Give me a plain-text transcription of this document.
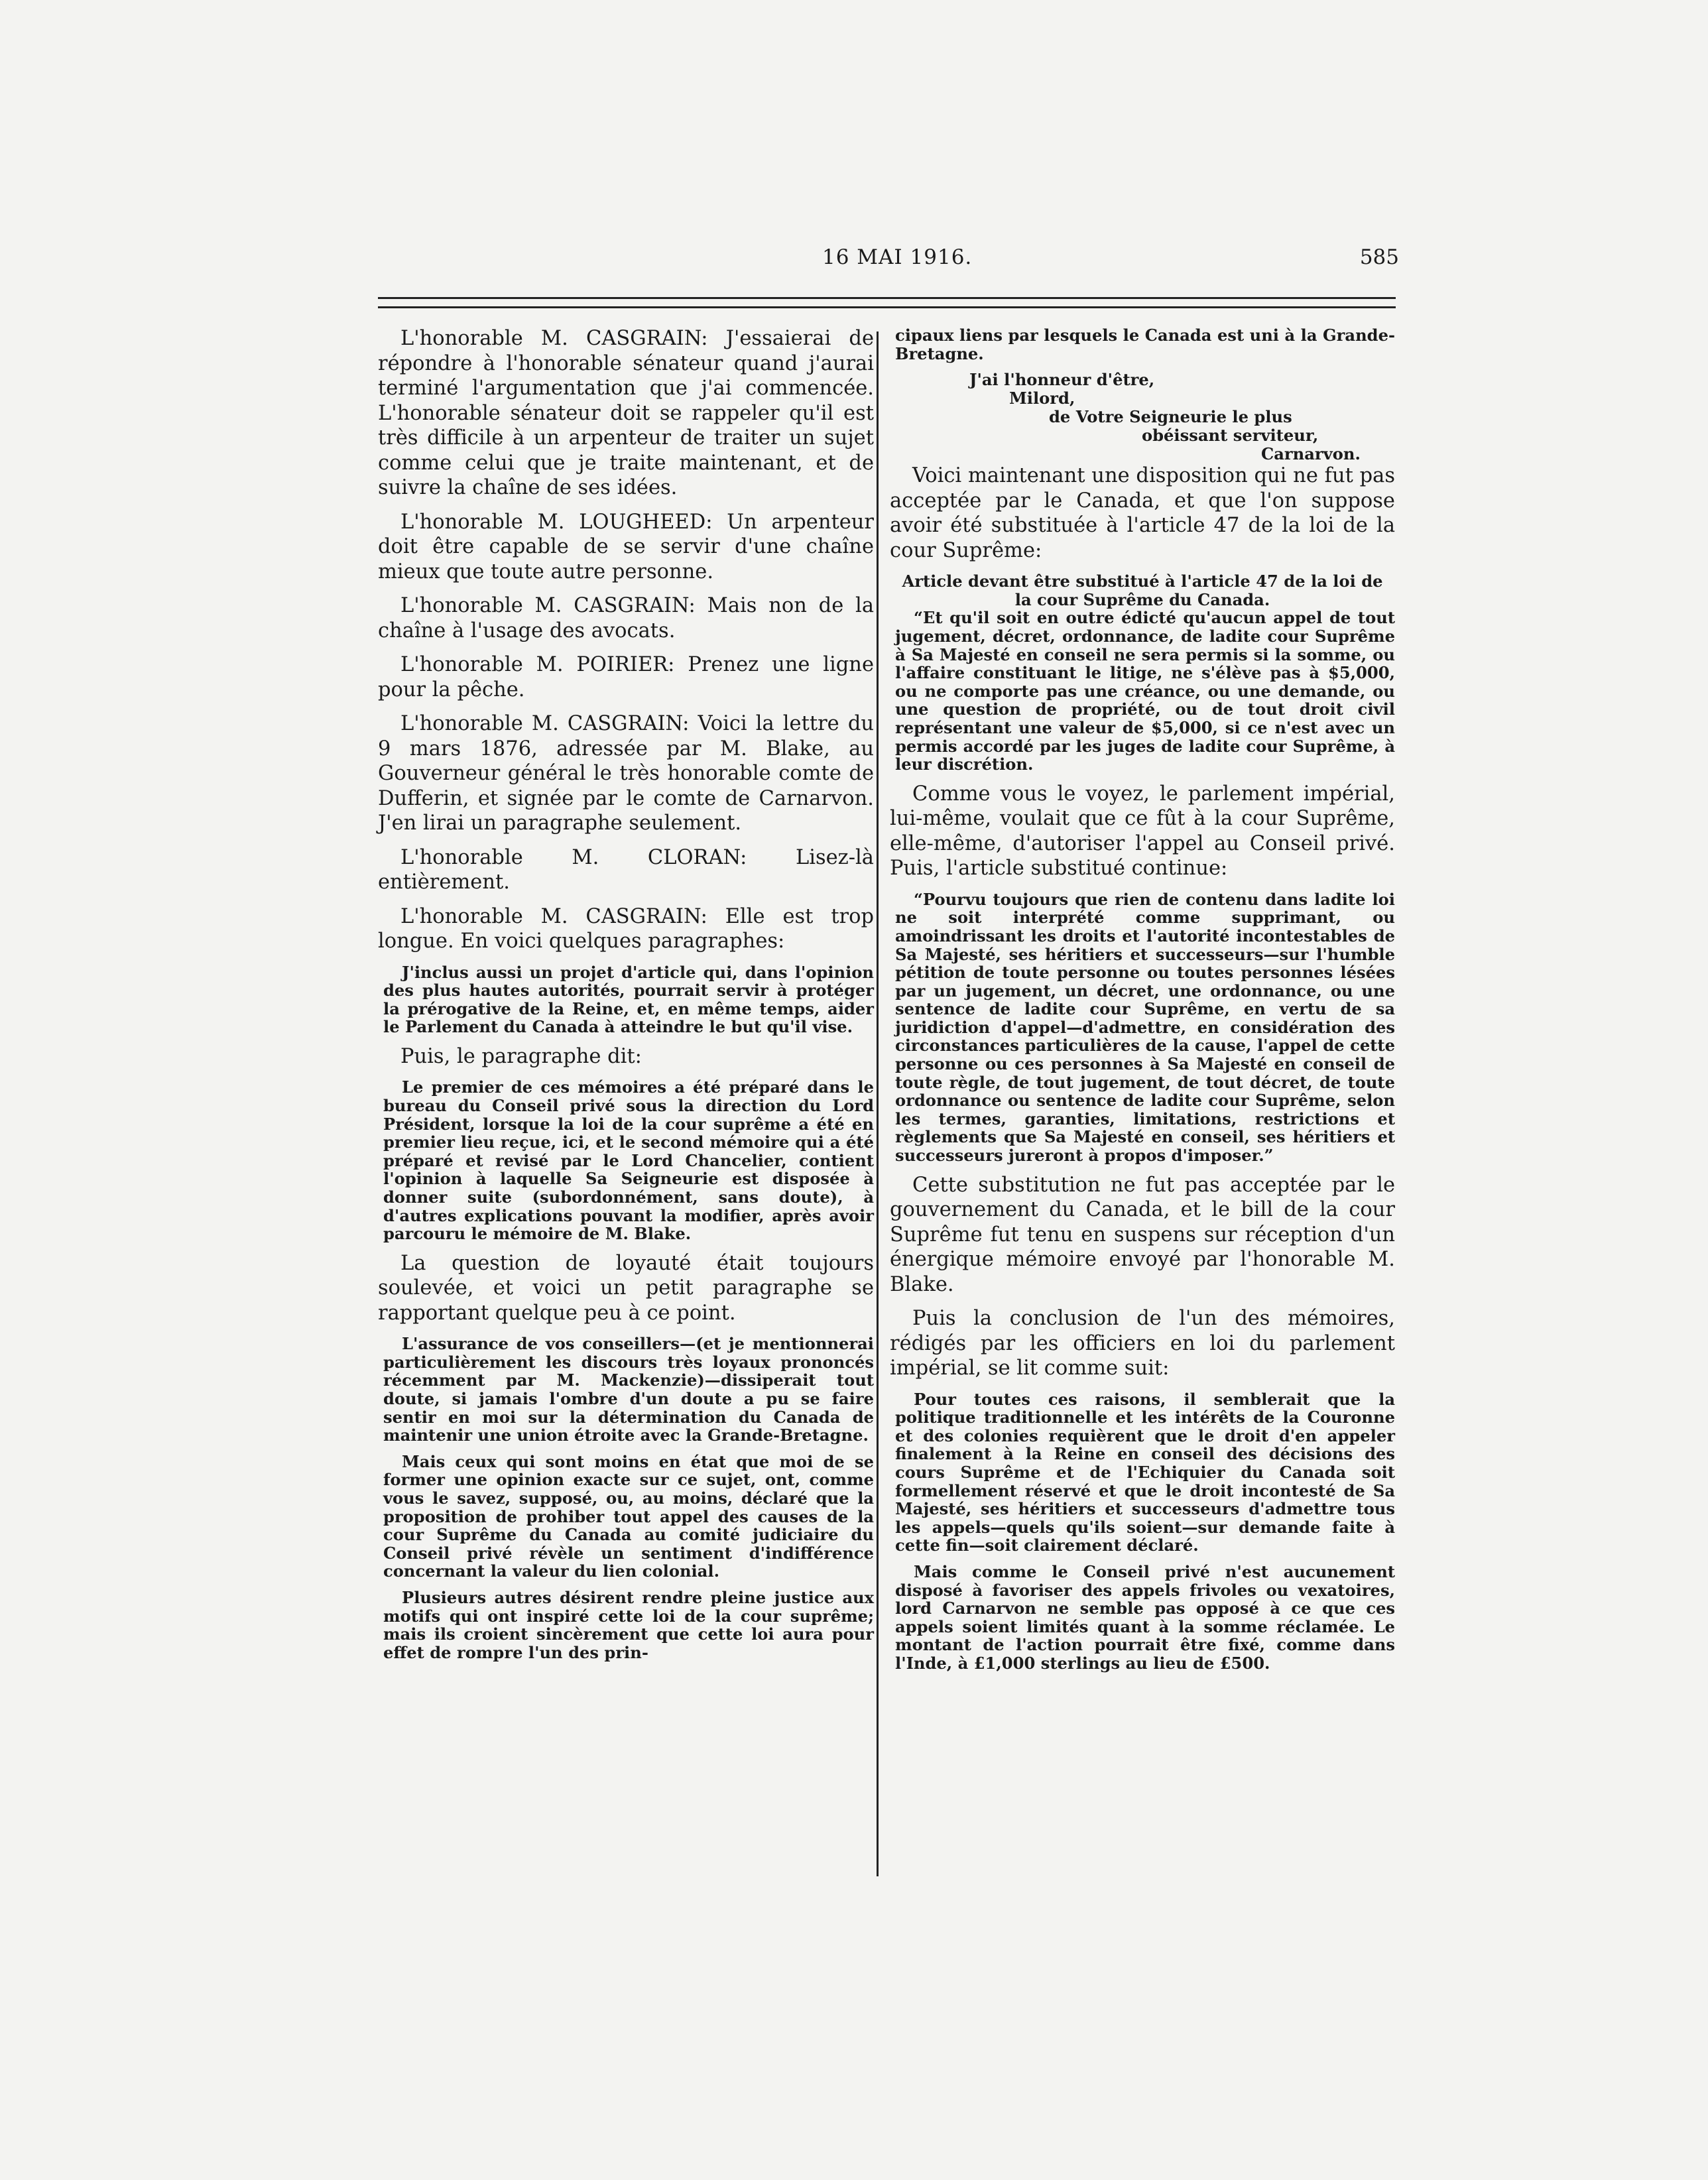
16 MAI 1916.	585

L'honorable M. CASGRAIN: J'essaierai de répondre à l'honorable sénateur quand j'aurai terminé l'argumentation que j'ai commencée. L'honorable sénateur doit se rappeler qu'il est très difficile à un arpenteur de traiter un sujet comme celui que je traite maintenant, et de suivre la chaîne de ses idées.

L'honorable M. LOUGHEED: Un arpenteur doit être capable de se servir d'une chaîne mieux que toute autre personne.

L'honorable M. CASGRAIN: Mais non de la chaîne à l'usage des avocats.

L'honorable M. POIRIER: Prenez une ligne pour la pêche.

L'honorable M. CASGRAIN: Voici la lettre du 9 mars 1876, adressée par M. Blake, au Gouverneur général le très honorable comte de Dufferin, et signée par le comte de Carnarvon. J'en lirai un paragraphe seulement.

L'honorable M. CLORAN: Lisez-là entièrement.

L'honorable M. CASGRAIN: Elle est trop longue. En voici quelques paragraphes:

J'inclus aussi un projet d'article qui, dans l'opinion des plus hautes autorités, pourrait servir à protéger la prérogative de la Reine, et, en même temps, aider le Parlement du Canada à atteindre le but qu'il vise.

Puis, le paragraphe dit:

Le premier de ces mémoires a été préparé dans le bureau du Conseil privé sous la direction du Lord Président, lorsque la loi de la cour suprême a été en premier lieu reçue, ici, et le second mémoire qui a été préparé et revisé par le Lord Chancelier, contient l'opinion à laquelle Sa Seigneurie est disposée à donner suite (subordonnément, sans doute), à d'autres explications pouvant la modifier, après avoir parcouru le mémoire de M. Blake.

La question de loyauté était toujours soulevée, et voici un petit paragraphe se rapportant quelque peu à ce point.

L'assurance de vos conseillers—(et je mentionnerai particulièrement les discours très loyaux prononcés récemment par M. Mackenzie)—dissiperait tout doute, si jamais l'ombre d'un doute a pu se faire sentir en moi sur la détermination du Canada de maintenir une union étroite avec la Grande-Bretagne.

Mais ceux qui sont moins en état que moi de se former une opinion exacte sur ce sujet, ont, comme vous le savez, supposé, ou, au moins, déclaré que la proposition de prohiber tout appel des causes de la cour Suprême du Canada au comité judiciaire du Conseil privé révèle un sentiment d'indifférence concernant la valeur du lien colonial.

Plusieurs autres désirent rendre pleine justice aux motifs qui ont inspiré cette loi de la cour suprême; mais ils croient sincèrement que cette loi aura pour effet de rompre l'un des prin-

cipaux liens par lesquels le Canada est uni à la Grande-Bretagne.

J'ai l'honneur d'être,

Milord,

de Votre Seigneurie le plus

obéissant serviteur,

Carnarvon.

Voici maintenant une disposition qui ne fut pas acceptée par le Canada, et que l'on suppose avoir été substituée à l'article 47 de la loi de la cour Suprême:

Article devant être substitué à l'article 47 de la loi de la cour Suprême du Canada.

“Et qu'il soit en outre édicté qu'aucun appel de tout jugement, décret, ordonnance, de ladite cour Suprême à Sa Majesté en conseil ne sera permis si la somme, ou l'affaire constituant le litige, ne s'élève pas à $5,000, ou ne comporte pas une créance, ou une demande, ou une question de propriété, ou de tout droit civil représentant une valeur de $5,000, si ce n'est avec un permis accordé par les juges de ladite cour Suprême, à leur discrétion.

Comme vous le voyez, le parlement impérial, lui-même, voulait que ce fût à la cour Suprême, elle-même, d'autoriser l'appel au Conseil privé. Puis, l'article substitué continue:

“Pourvu toujours que rien de contenu dans ladite loi ne soit interprété comme supprimant, ou amoindrissant les droits et l'autorité incontestables de Sa Majesté, ses héritiers et successeurs—sur l'humble pétition de toute personne ou toutes personnes lésées par un jugement, un décret, une ordonnance, ou une sentence de ladite cour Suprême, en vertu de sa juridiction d'appel—d'admettre, en considération des circonstances particulières de la cause, l'appel de cette personne ou ces personnes à Sa Majesté en conseil de toute règle, de tout jugement, de tout décret, de toute ordonnance ou sentence de ladite cour Suprême, selon les termes, garanties, limitations, restrictions et règlements que Sa Majesté en conseil, ses héritiers et successeurs jureront à propos d'imposer.”

Cette substitution ne fut pas acceptée par le gouvernement du Canada, et le bill de la cour Suprême fut tenu en suspens sur réception d'un énergique mémoire envoyé par l'honorable M. Blake.

Puis la conclusion de l'un des mémoires, rédigés par les officiers en loi du parlement impérial, se lit comme suit:

Pour toutes ces raisons, il semblerait que la politique traditionnelle et les intérêts de la Couronne et des colonies requièrent que le droit d'en appeler finalement à la Reine en conseil des décisions des cours Suprême et de l'Echiquier du Canada soit formellement réservé et que le droit incontesté de Sa Majesté, ses héritiers et successeurs d'admettre tous les appels—quels qu'ils soient—sur demande faite à cette fin—soit clairement déclaré.

Mais comme le Conseil privé n'est aucunement disposé à favoriser des appels frivoles ou vexatoires, lord Carnarvon ne semble pas opposé à ce que ces appels soient limités quant à la somme réclamée. Le montant de l'action pourrait être fixé, comme dans l'Inde, à £1,000 sterlings au lieu de £500.
